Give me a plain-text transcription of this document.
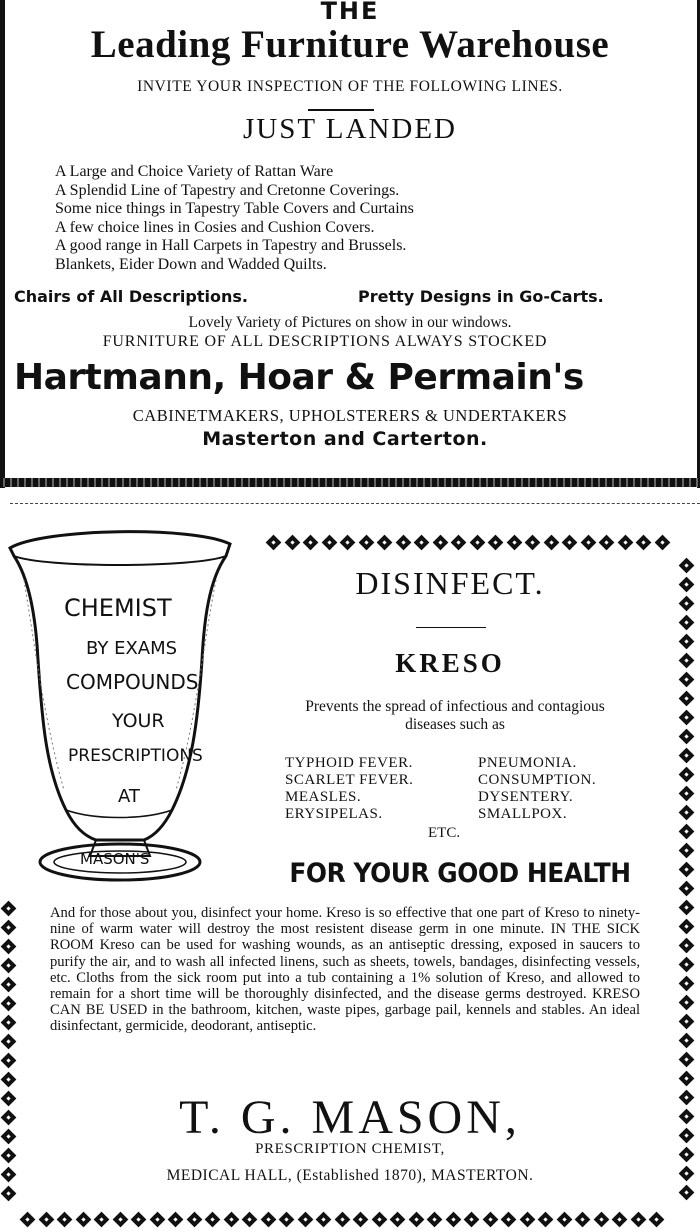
THE
Leading Furniture Warehouse
INVITE YOUR INSPECTION OF THE FOLLOWING LINES.
JUST LANDED
A Large and Choice Variety of Rattan Ware
A Splendid Line of Tapestry and Cretonne Coverings.
Some nice things in Tapestry Table Covers and Curtains
A few choice lines in Cosies and Cushion Covers.
A good range in Hall Carpets in Tapestry and Brussels.
Blankets, Eider Down and Wadded Quilts.
Chairs of All Descriptions.	Pretty Designs in Go-Carts.
Lovely Variety of Pictures on show in our windows.
FURNITURE OF ALL DESCRIPTIONS ALWAYS STOCKED
Hartmann, Hoar & Permain's
CABINETMAKERS, UPHOLSTERERS & UNDERTAKERS
Masterton and Carterton.
CHEMIST
BY EXAMS
COMPOUNDS
YOUR
PRESCRIPTIONS
AT
MASON'S
DISINFECT.
KRESO
Prevents the spread of infectious and contagious
diseases such as
TYPHOID FEVER.
SCARLET FEVER.
MEASLES.
ERYSIPELAS.
PNEUMONIA.
CONSUMPTION.
DYSENTERY.
SMALLPOX.
ETC.
FOR YOUR GOOD HEALTH
And for those about you, disinfect your home. Kreso is so effective that one part of Kreso to ninety-nine of warm water will destroy the most resistent disease germ in one minute. IN THE SICK ROOM Kreso can be used for washing wounds, as an antiseptic dressing, exposed in saucers to purify the air, and to wash all infected linens, such as sheets, towels, bandages, disinfecting vessels, etc. Cloths from the sick room put into a tub containing a 1% solution of Kreso, and allowed to remain for a short time will be thoroughly disinfected, and the disease germs destroyed. KRESO CAN BE USED in the bathroom, kitchen, waste pipes, garbage pail, kennels and stables. An ideal disinfectant, germicide, deodorant, antiseptic.
T. G. MASON,
PRESCRIPTION CHEMIST,
MEDICAL HALL, (Established 1870), MASTERTON.
